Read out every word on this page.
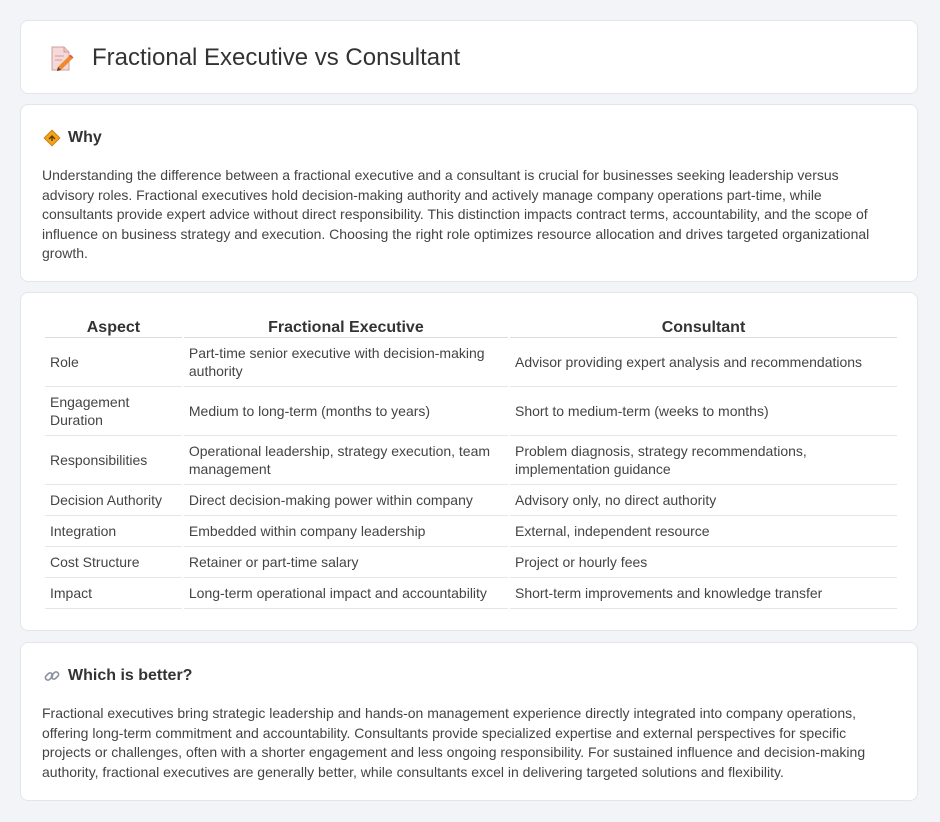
Fractional Executive vs Consultant
Why

Understanding the difference between a fractional executive and a consultant is crucial for businesses seeking leadership versus advisory roles. Fractional executives hold decision-making authority and actively manage company operations part-time, while consultants provide expert advice without direct responsibility. This distinction impacts contract terms, accountability, and the scope of influence on business strategy and execution. Choosing the right role optimizes resource allocation and drives targeted organizational growth.

Aspect	Fractional Executive	Consultant
Role	Part-time senior executive with decision-making authority	Advisor providing expert analysis and recommendations
Engagement Duration	Medium to long-term (months to years)	Short to medium-term (weeks to months)
Responsibilities	Operational leadership, strategy execution, team management	Problem diagnosis, strategy recommendations, implementation guidance
Decision Authority	Direct decision-making power within company	Advisory only, no direct authority
Integration	Embedded within company leadership	External, independent resource
Cost Structure	Retainer or part-time salary	Project or hourly fees
Impact	Long-term operational impact and accountability	Short-term improvements and knowledge transfer
Which is better?

Fractional executives bring strategic leadership and hands-on management experience directly integrated into company operations, offering long-term commitment and accountability. Consultants provide specialized expertise and external perspectives for specific projects or challenges, often with a shorter engagement and less ongoing responsibility. For sustained influence and decision-making authority, fractional executives are generally better, while consultants excel in delivering targeted solutions and flexibility.
